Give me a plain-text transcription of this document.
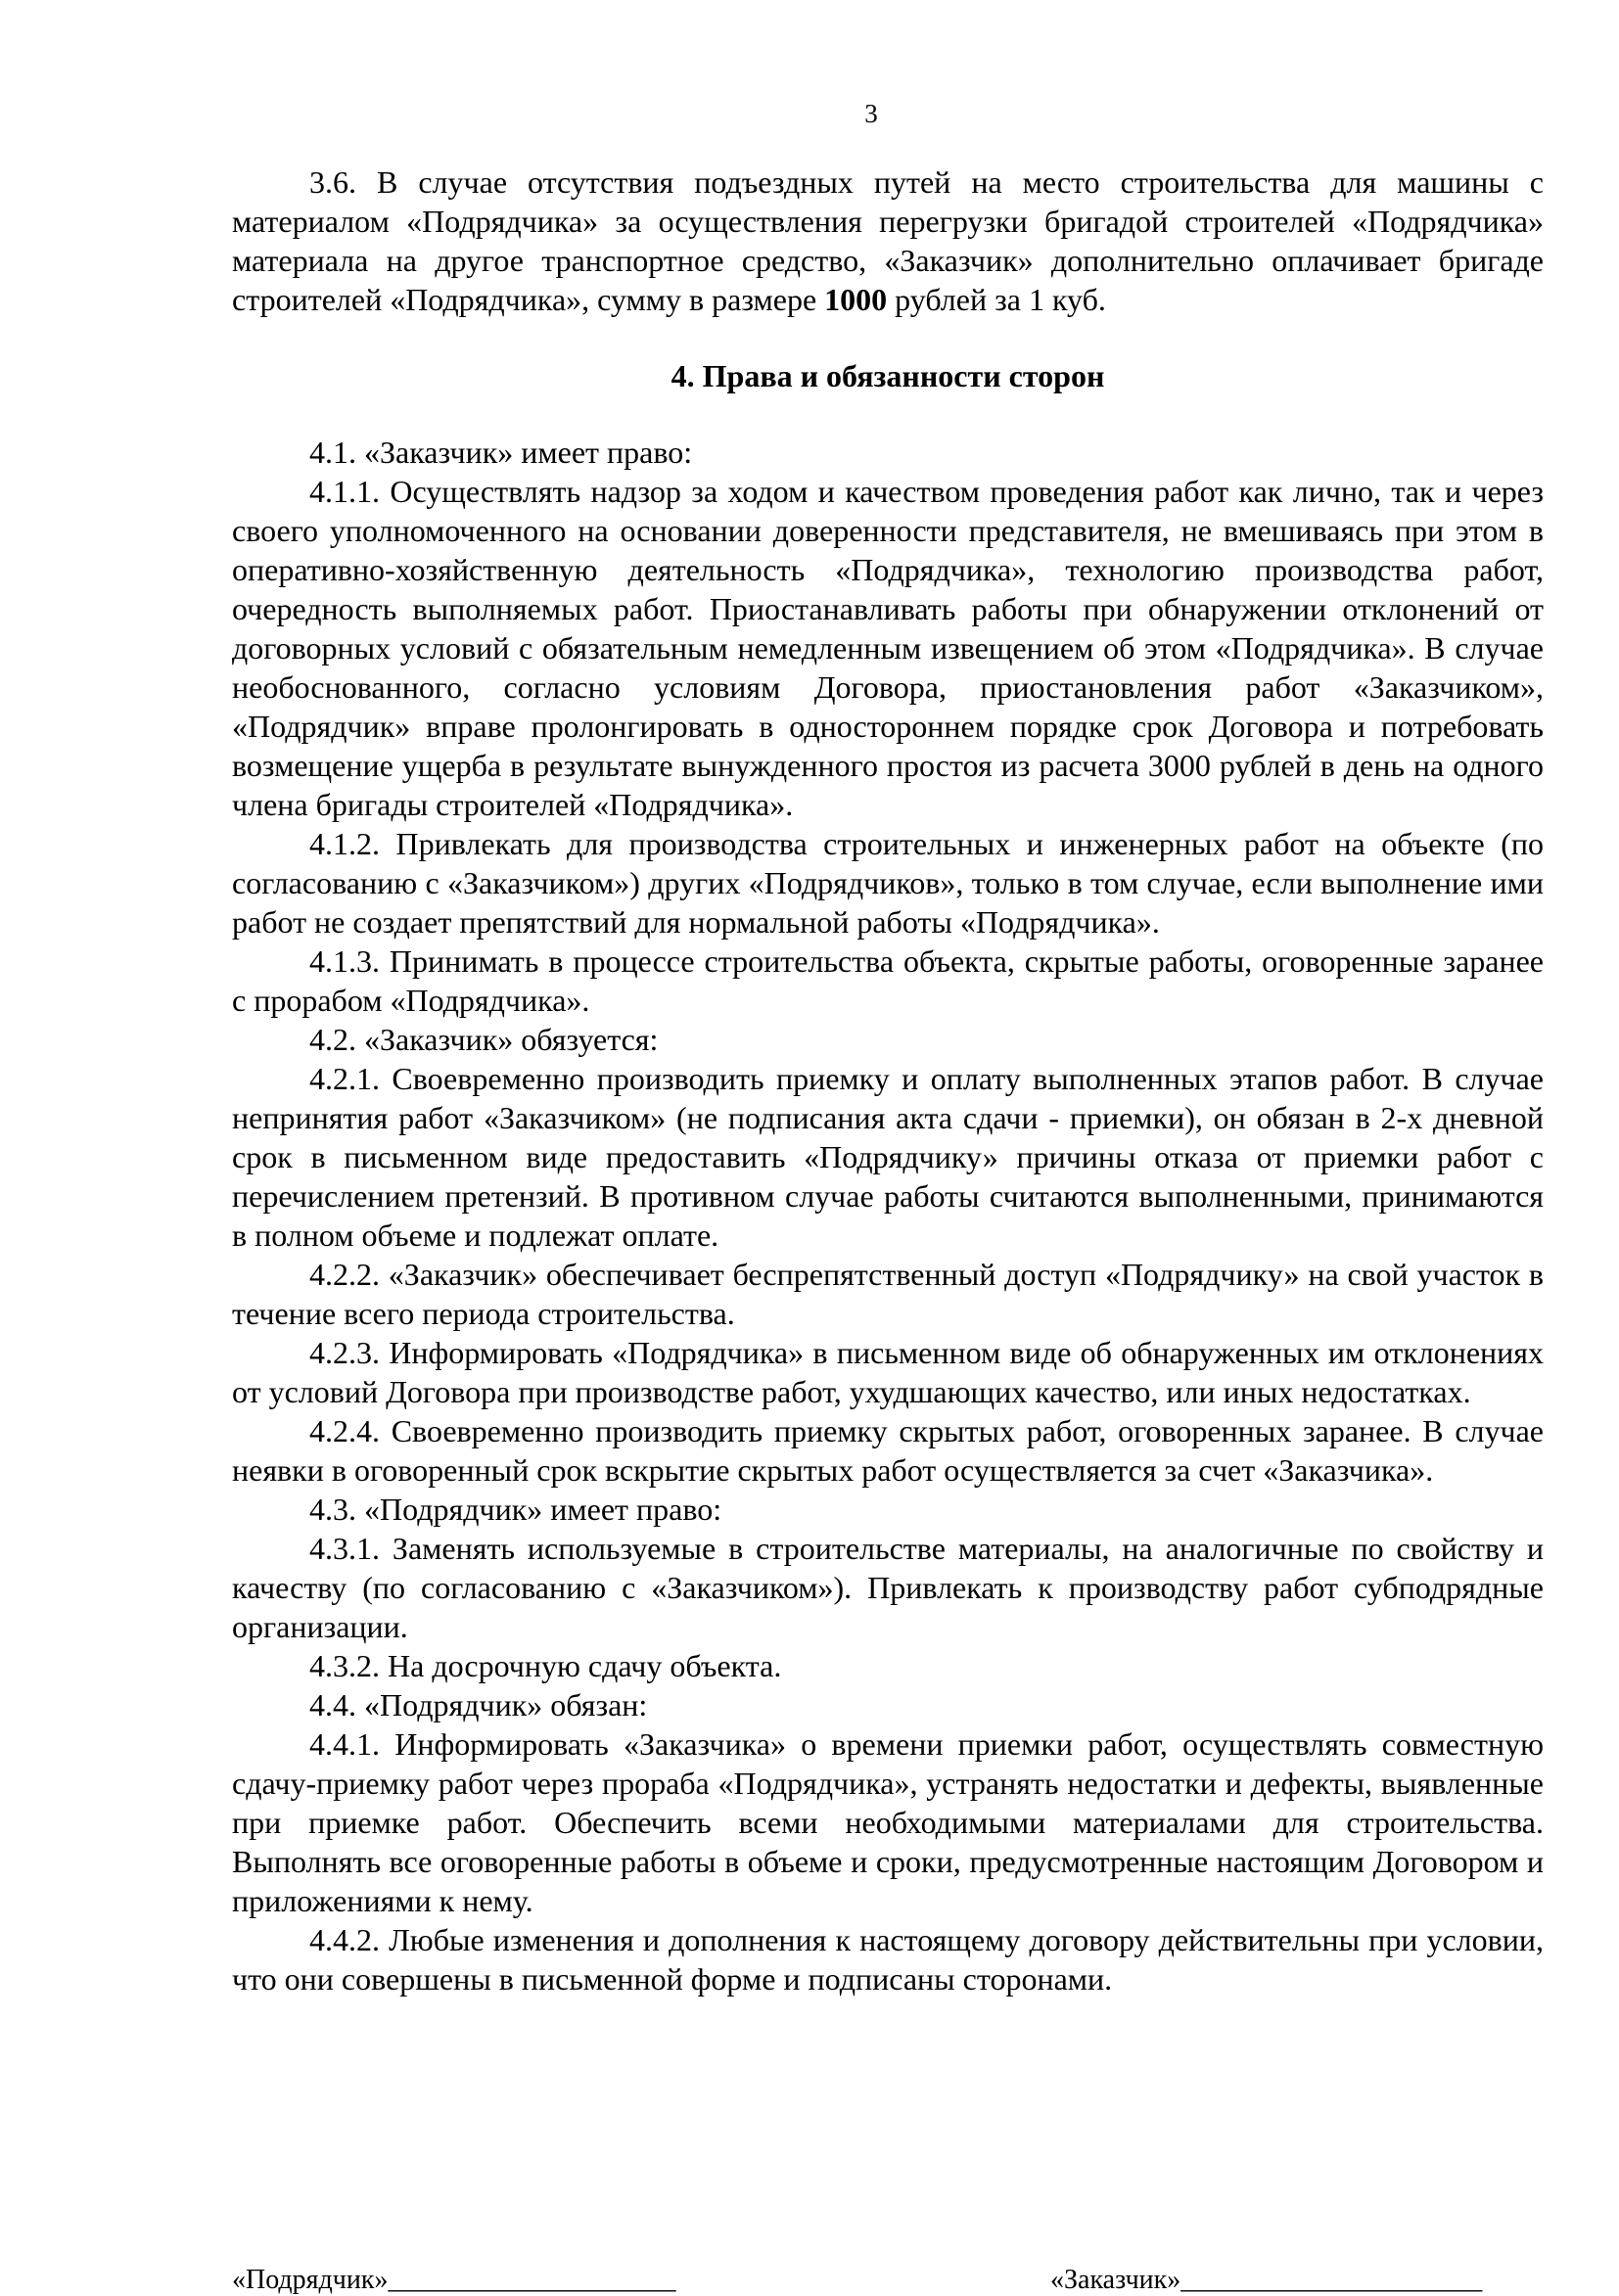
3

3.6. В случае отсутствия подъездных путей на место строительства для машины с материалом «Подрядчика» за осуществления перегрузки бригадой строителей «Подрядчика» материала на другое транспортное средство, «Заказчик» дополнительно оплачивает бригаде строителей «Подрядчика», сумму в размере 1000 рублей за 1 куб.

4. Права и обязанности сторон

4.1. «Заказчик» имеет право:

4.1.1. Осуществлять надзор за ходом и качеством проведения работ как лично, так и через своего уполномоченного на основании доверенности представителя, не вмешиваясь при этом в оперативно-хозяйственную деятельность «Подрядчика», технологию производства работ, очередность выполняемых работ. Приостанавливать работы при обнаружении отклонений от договорных условий с обязательным немедленным извещением об этом «Подрядчика». В случае необоснованного, согласно условиям Договора, приостановления работ «Заказчиком», «Подрядчик» вправе пролонгировать в одностороннем порядке срок Договора и потребовать возмещение ущерба в результате вынужденного простоя из расчета 3000 рублей в день на одного члена бригады строителей «Подрядчика».

4.1.2. Привлекать для производства строительных и инженерных работ на объекте (по согласованию с «Заказчиком») других «Подрядчиков», только в том случае, если выполнение ими работ не создает препятствий для нормальной работы «Подрядчика».

4.1.3. Принимать в процессе строительства объекта, скрытые работы, оговоренные заранее с прорабом «Подрядчика».

4.2. «Заказчик» обязуется:

4.2.1. Своевременно производить приемку и оплату выполненных этапов работ. В случае непринятия работ «Заказчиком» (не подписания акта сдачи - приемки), он обязан в 2-х дневной срок в письменном виде предоставить «Подрядчику» причины отказа от приемки работ с перечислением претензий. В противном случае работы считаются выполненными, принимаются в полном объеме и подлежат оплате.

4.2.2. «Заказчик» обеспечивает беспрепятственный доступ «Подрядчику» на свой участок в течение всего периода строительства.

4.2.3. Информировать «Подрядчика» в письменном виде об обнаруженных им отклонениях от условий Договора при производстве работ, ухудшающих качество, или иных недостатках.

4.2.4. Своевременно производить приемку скрытых работ, оговоренных заранее. В случае неявки в оговоренный срок вскрытие скрытых работ осуществляется за счет «Заказчика».

4.3. «Подрядчик» имеет право:

4.3.1. Заменять используемые в строительстве материалы, на аналогичные по свойству и качеству (по согласованию с «Заказчиком»). Привлекать к производству работ субподрядные организации.

4.3.2. На досрочную сдачу объекта.

4.4. «Подрядчик» обязан:

4.4.1. Информировать «Заказчика» о времени приемки работ, осуществлять совместную сдачу-приемку работ через прораба «Подрядчика», устранять недостатки и дефекты, выявленные при приемке работ. Обеспечить всеми необходимыми материалами для строительства. Выполнять все оговоренные работы в объеме и сроки, предусмотренные настоящим Договором и приложениями к нему.

4.4.2. Любые изменения и дополнения к настоящему договору действительны при условии, что они совершены в письменной форме и подписаны сторонами.

«Подрядчик»_____________________	«Заказчик»______________________
